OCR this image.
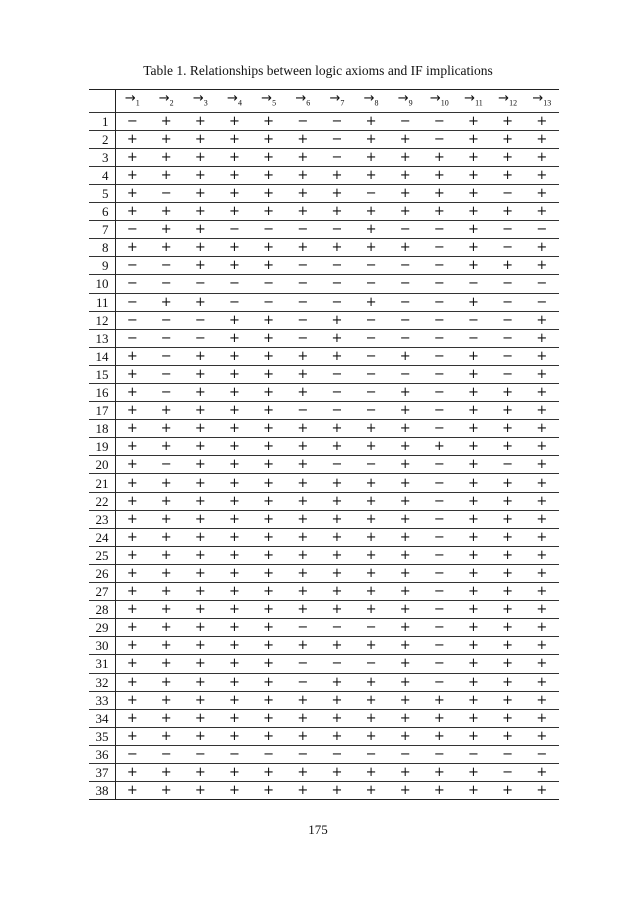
Table 1. Relationships between logic axioms and IF implications
	$\to_1$	$\to_2$	$\to_3$	$\to_4$	$\to_5$	$\to_6$	$\to_7$	$\to_8$	$\to_9$	$\to_{10}$	$\to_{11}$	$\to_{12}$	$\to_{13}$
1	−	+	+	+	+	−	−	+	−	−	+	+	+
2	+	+	+	+	+	+	−	+	+	−	+	+	+
3	+	+	+	+	+	+	−	+	+	+	+	+	+
4	+	+	+	+	+	+	+	+	+	+	+	+	+
5	+	−	+	+	+	+	+	−	+	+	+	−	+
6	+	+	+	+	+	+	+	+	+	+	+	+	+
7	−	+	+	−	−	−	−	+	−	−	+	−	−
8	+	+	+	+	+	+	+	+	+	−	+	−	+
9	−	−	+	+	+	−	−	−	−	−	+	+	+
10	−	−	−	−	−	−	−	−	−	−	−	−	−
11	−	+	+	−	−	−	−	+	−	−	+	−	−
12	−	−	−	+	+	−	+	−	−	−	−	−	+
13	−	−	−	+	+	−	+	−	−	−	−	−	+
14	+	−	+	+	+	+	+	−	+	−	+	−	+
15	+	−	+	+	+	+	−	−	−	−	+	−	+
16	+	−	+	+	+	+	−	−	+	−	+	+	+
17	+	+	+	+	+	−	−	−	+	−	+	+	+
18	+	+	+	+	+	+	+	+	+	−	+	+	+
19	+	+	+	+	+	+	+	+	+	+	+	+	+
20	+	−	+	+	+	+	−	−	+	−	+	−	+
21	+	+	+	+	+	+	+	+	+	−	+	+	+
22	+	+	+	+	+	+	+	+	+	−	+	+	+
23	+	+	+	+	+	+	+	+	+	−	+	+	+
24	+	+	+	+	+	+	+	+	+	−	+	+	+
25	+	+	+	+	+	+	+	+	+	−	+	+	+
26	+	+	+	+	+	+	+	+	+	−	+	+	+
27	+	+	+	+	+	+	+	+	+	−	+	+	+
28	+	+	+	+	+	+	+	+	+	−	+	+	+
29	+	+	+	+	+	−	−	−	+	−	+	+	+
30	+	+	+	+	+	+	+	+	+	−	+	+	+
31	+	+	+	+	+	−	−	−	+	−	+	+	+
32	+	+	+	+	+	−	+	+	+	−	+	+	+
33	+	+	+	+	+	+	+	+	+	+	+	+	+
34	+	+	+	+	+	+	+	+	+	+	+	+	+
35	+	+	+	+	+	+	+	+	+	+	+	+	+
36	−	−	−	−	−	−	−	−	−	−	−	−	−
37	+	+	+	+	+	+	+	+	+	+	+	−	+
38	+	+	+	+	+	+	+	+	+	+	+	+	+
175
